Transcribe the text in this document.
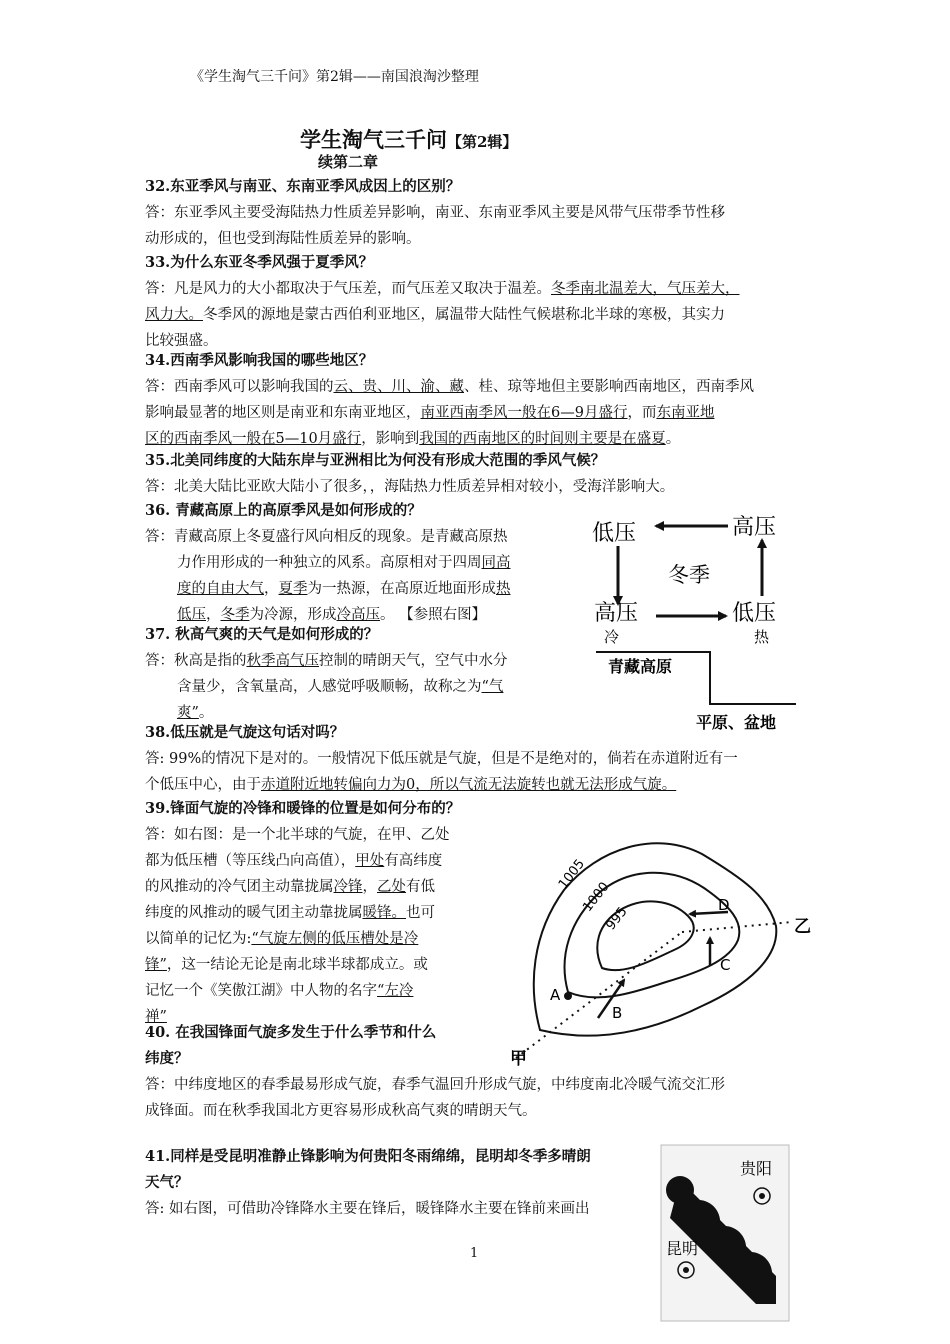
《学生淘气三千问》第2辑——南国浪淘沙整理
学生淘气三千问【第2辑】
续第二章
32.东亚季风与南亚、东南亚季风成因上的区别？
答：东亚季风主要受海陆热力性质差异影响，南亚、东南亚季风主要是风带气压带季节性移
动形成的，但也受到海陆性质差异的影响。
33.为什么东亚冬季风强于夏季风？
答：凡是风力的大小都取决于气压差，而气压差又取决于温差。冬季南北温差大，气压差大，
风力大。冬季风的源地是蒙古西伯利亚地区，属温带大陆性气候堪称北半球的寒极，其实力
比较强盛。
34.西南季风影响我国的哪些地区？
答：西南季风可以影响我国的云、贵、川、渝、藏、桂、琼等地但主要影响西南地区，西南季风
影响最显著的地区则是南亚和东南亚地区，南亚西南季风一般在6—9月盛行，而东南亚地
区的西南季风一般在5—10月盛行，影响到我国的西南地区的时间则主要是在盛夏。
35.北美同纬度的大陆东岸与亚洲相比为何没有形成大范围的季风气候？
答：北美大陆比亚欧大陆小了很多，，海陆热力性质差异相对较小，受海洋影响大。
36. 青藏高原上的高原季风是如何形成的？
答：青藏高原上冬夏盛行风向相反的现象。是青藏高原热
力作用形成的一种独立的风系。高原相对于四周同高
度的自由大气，夏季为一热源，在高原近地面形成热
低压，冬季为冷源，形成冷高压。 【参照右图】
37. 秋高气爽的天气是如何形成的？
答：秋高是指的秋季高气压控制的晴朗天气，空气中水分
含量少，含氧量高，人感觉呼吸顺畅，故称之为“气
爽”。
38.低压就是气旋这句话对吗？
答: 99%的情况下是对的。一般情况下低压就是气旋，但是不是绝对的，倘若在赤道附近有一
个低压中心，由于赤道附近地转偏向力为0，所以气流无法旋转也就无法形成气旋。
39.锋面气旋的冷锋和暖锋的位置是如何分布的？
答：如右图：是一个北半球的气旋，在甲、乙处
都为低压槽（等压线凸向高值），甲处有高纬度
的风推动的冷气团主动靠拢属冷锋，乙处有低
纬度的风推动的暖气团主动靠拢属暖锋。也可
以简单的记忆为:“气旋左侧的低压槽处是冷
锋”，这一结论无论是南北球半球都成立。或
记忆一个《笑傲江湖》中人物的名字“左冷
禅”
40. 在我国锋面气旋多发生于什么季节和什么
纬度？
答：中纬度地区的春季最易形成气旋，春季气温回升形成气旋，中纬度南北冷暖气流交汇形
成锋面。而在秋季我国北方更容易形成秋高气爽的晴朗天气。
41.同样是受昆明准静止锋影响为何贵阳冬雨绵绵，昆明却冬季多晴朗
天气？
答: 如右图，可借助冷锋降水主要在锋后，暖锋降水主要在锋前来画出
低压	高压
冬季
高压	低压
冷	热
青藏高原
平原、盆地
1005
1000
995	D
C
A
B
乙
甲
贵阳
昆明
1
